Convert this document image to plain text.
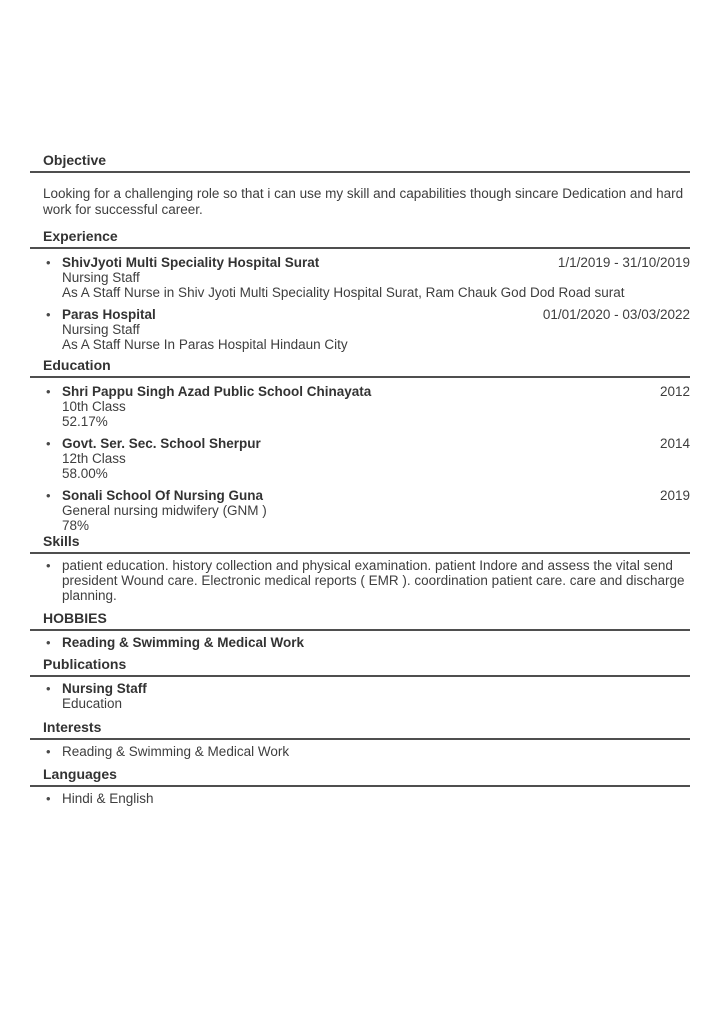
Objective

Looking for a challenging role so that i can use my skill and capabilities though sincare Dedication and hard work for successful career.

Experience
• ShivJyoti Multi Speciality Hospital Surat	1/1/2019 - 31/10/2019
Nursing Staff
As A Staff Nurse in Shiv Jyoti Multi Speciality Hospital Surat, Ram Chauk God Dod Road surat
• Paras Hospital	01/01/2020 - 03/03/2022
Nursing Staff
As A Staff Nurse In Paras Hospital Hindaun City
Education
• Shri Pappu Singh Azad Public School Chinayata	2012
10th Class
52.17%
• Govt. Ser. Sec. School Sherpur	2014
12th Class
58.00%
• Sonali School Of Nursing Guna	2019
General nursing midwifery (GNM )
78%
Skills
• patient education. history collection and physical examination. patient Indore and assess the vital send president Wound care. Electronic medical reports ( EMR ). coordination patient care. care and discharge planning.
HOBBIES
• Reading & Swimming & Medical Work
Publications
• Nursing Staff
Education
Interests
• Reading & Swimming & Medical Work
Languages
• Hindi & English
